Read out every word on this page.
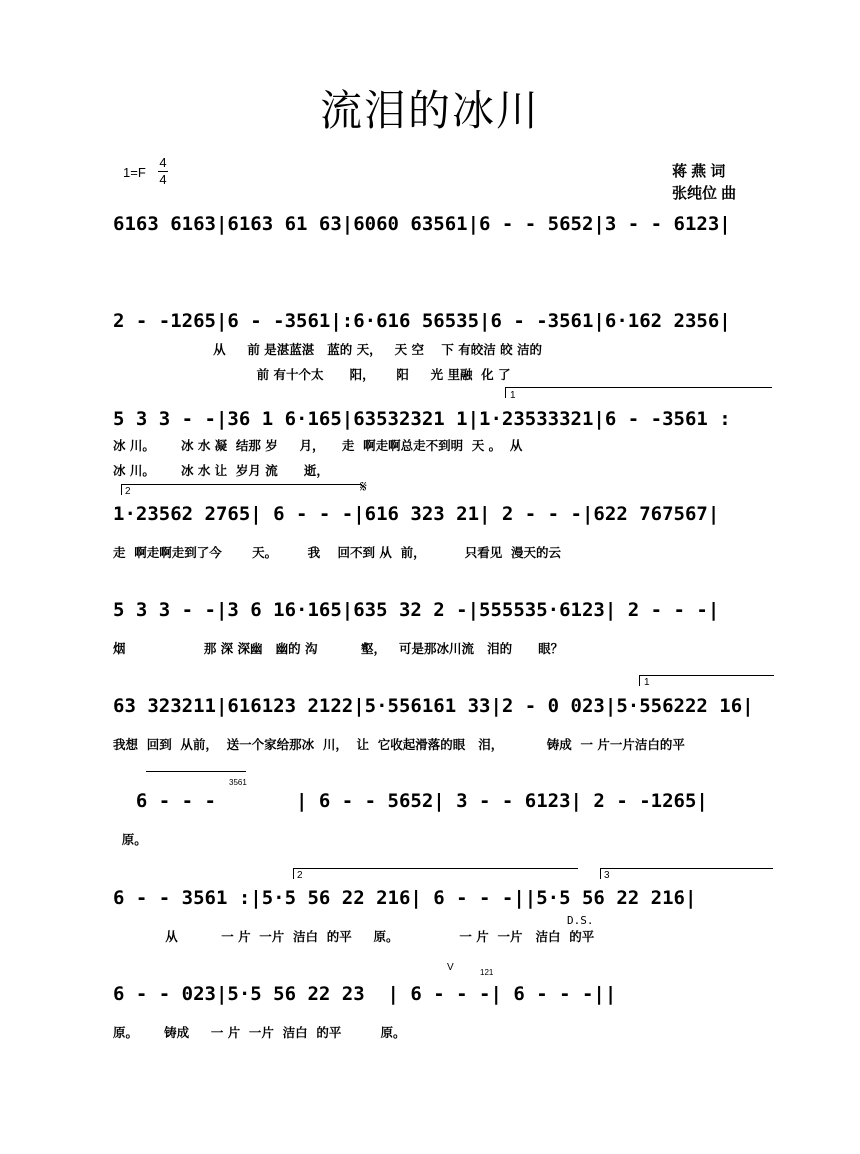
流泪的冰川
1=F
4
4	蒋 燕 词
张纯位 曲
6163 6163|6163 61 63|6060 63561|6 - - 5652|3 - - 6123|
2 - -1265|6 - -3561|:6·616 56535|6 - -3561|6·162 2356|
从     前 是湛蓝湛   蓝的 天，   天 空    下 有皎洁 皎 洁的
前 有十个太      阳，     阳     光 里融  化 了
1
5 3 3 - -|36 1 6·165|63532321 1|1·23533321|6 - -3561 :
冰 川。      冰 水 凝  结那 岁     月，    走  啊走啊总走不到明  天 。  从
冰 川。      冰 水 让  岁月 流      逝，
2	𝄋
1·23562 2765| 6 - - -|616 323 21| 2 - - -|622 767567|
走  啊走啊走到了今       天。       我    回不到 从  前，         只看见  漫天的云
5 3 3 - -|3 6 16·165|635 32 2 -|555535·6123| 2 - - -|
烟                  那 深 深幽   幽的 沟          壑，   可是那冰川流   泪的      眼？
1
63 323211|616123 2122|5·556161 33|2 - 0 023|5·556222 16|
我想  回到  从前，  送一个家给那冰  川，  让  它收起滑落的眼   泪，          铸成  一 片一片洁白的平
3561
6 - - -       | 6 - - 5652| 3 - - 6123| 2 - -1265|
原。
2	3
D.S.
6 - - 3561 :|5·5 56 22 216| 6 - - -||5·5 56 22 216|
从          一 片  一片  洁白  的平     原。              一 片  一片   洁白  的平
V	121
6 - - 023|5·5 56 22 23  | 6 - - -| 6 - - -||
原。      铸成     一 片  一片  洁白  的平         原。
